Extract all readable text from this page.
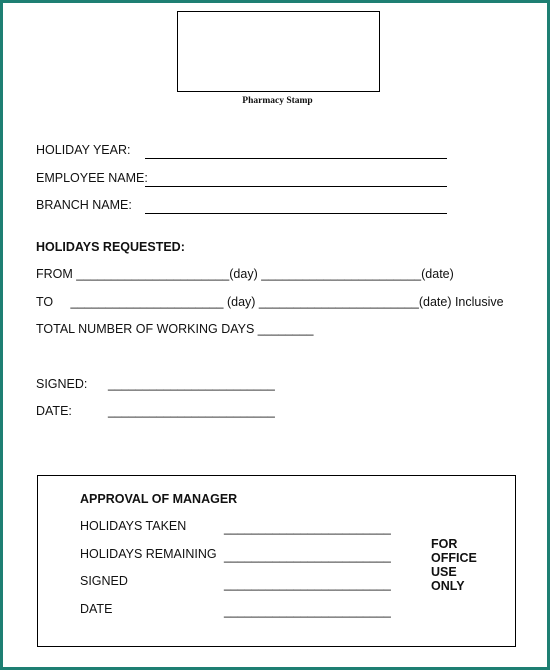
Pharmacy Stamp
HOLIDAY YEAR:
EMPLOYEE NAME:
BRANCH NAME:
HOLIDAYS REQUESTED:
FROM ______________________(day) _______________________(date)
TO ______________________ (day) _______________________(date) Inclusive
TOTAL NUMBER OF WORKING DAYS ________
SIGNED: ________________________
DATE:	________________________
APPROVAL OF MANAGER
HOLIDAYS TAKEN	________________________
HOLIDAYS REMAINING ________________________
SIGNED	________________________
DATE	________________________
FOR
OFFICE
USE
ONLY
